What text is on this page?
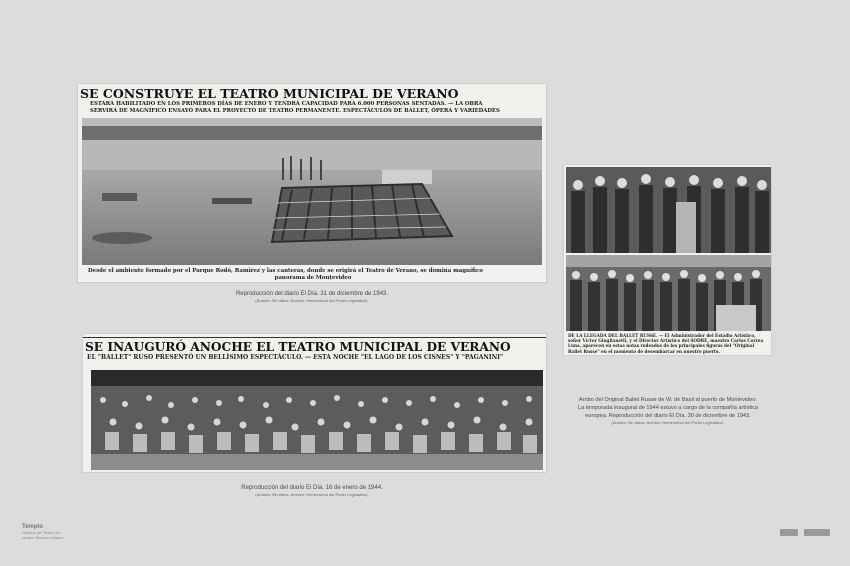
SE CONSTRUYE EL TEATRO MUNICIPAL DE VERANO
ESTARÁ HABILITADO EN LOS PRIMEROS DÍAS DE ENERO Y TENDRÁ CAPACIDAD PARA 6.000 PERSONAS SENTADAS. — LA OBRA
SERVIRÁ DE MAGNÍFICO ENSAYO PARA EL PROYECTO DE TEATRO PERMANENTE. ESPECTÁCULOS DE BALLET, ÓPERA Y VARIEDADES
Desde el ambiente formado por el Parque Rodó, Ramírez y las canteras, donde se erigirá el Teatro de Verano, se domina magnífico
panorama de Montevideo
Reproducción del diario El Día. 31 de diciembre de 1943.
(Autoría: Sin datos. Archivo: Hemeroteca del Poder Legislativo).
SE INAUGURÓ ANOCHE EL TEATRO MUNICIPAL DE VERANO
EL "BALLET" RUSO PRESENTÓ UN BELLÍSIMO ESPECTÁCULO. — ESTA NOCHE "EL LAGO DE LOS CISNES" Y "PAGANINI"
Reproducción del diario El Día. 16 de enero de 1944.
(Autoría: Sin datos. Archivo: Hemeroteca del Poder Legislativo).
DE LA LLEGADA DEL BALLET RUSSE. — El Administrador del Estadio Artístico, señor Víctor Giuglianetti, y el Director Artístico del SODRE, maestro Carlos Correa Luna, aparecen en estas notas rodeados de los principales figuras del "Original Ballet Russe" en el momento de desembarcar en nuestro puerto.
Arribo del Original Ballet Russe de W. de Basil al puerto de Montevideo.
La temporada inaugural de 1944 estuvo a cargo de la compañía artística
europea. Reproducción del diario El Día. 30 de diciembre de 1943.
(Autoría: Sin datos. Archivo: Hemeroteca del Poder Legislativo).
Templo
Historia del Teatro de
Verano Ramón Collazo
